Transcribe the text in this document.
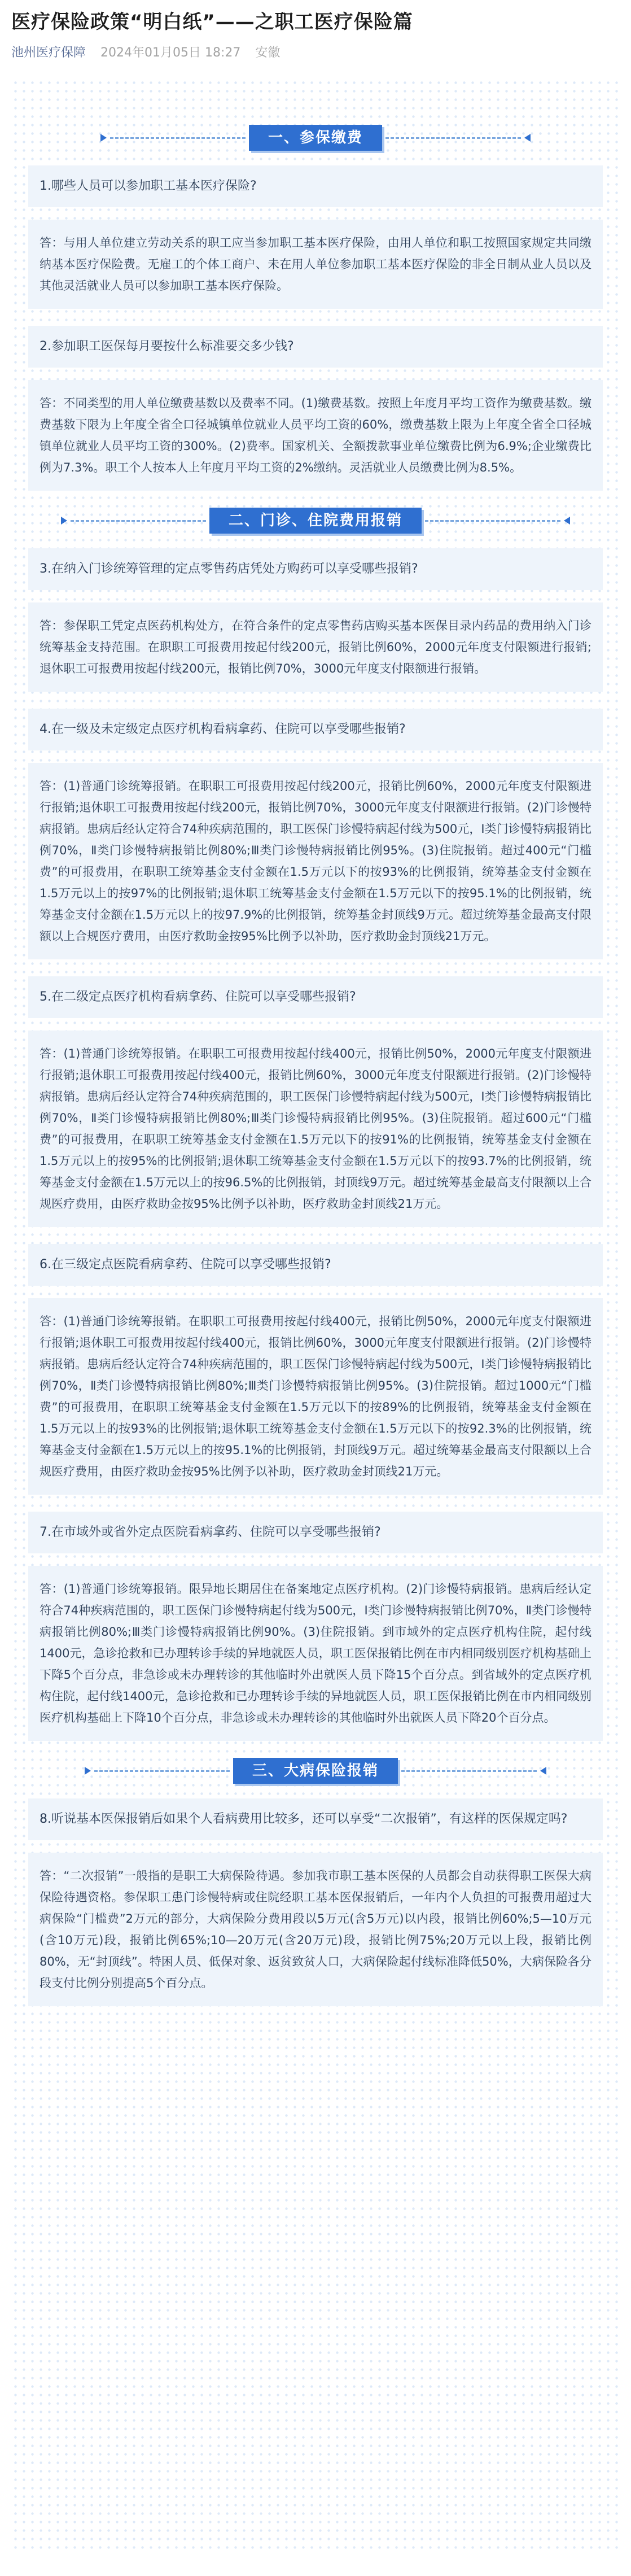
医疗保险政策“明白纸”——之职工医疗保险篇
池州医疗保障 2024年01月05日 18:27 安徽
一、参保缴费
1.哪些人员可以参加职工基本医疗保险?
答：与用人单位建立劳动关系的职工应当参加职工基本医疗保险，由用人单位和职工按照国家规定共同缴纳基本医疗保险费。无雇工的个体工商户、未在用人单位参加职工基本医疗保险的非全日制从业人员以及其他灵活就业人员可以参加职工基本医疗保险。
2.参加职工医保每月要按什么标准要交多少钱?
答：不同类型的用人单位缴费基数以及费率不同。(1)缴费基数。按照上年度月平均工资作为缴费基数。缴费基数下限为上年度全省全口径城镇单位就业人员平均工资的60%，缴费基数上限为上年度全省全口径城镇单位就业人员平均工资的300%。(2)费率。国家机关、全额拨款事业单位缴费比例为6.9%;企业缴费比例为7.3%。职工个人按本人上年度月平均工资的2%缴纳。灵活就业人员缴费比例为8.5%。
二、门诊、住院费用报销
3.在纳入门诊统筹管理的定点零售药店凭处方购药可以享受哪些报销?
答：参保职工凭定点医药机构处方，在符合条件的定点零售药店购买基本医保目录内药品的费用纳入门诊统筹基金支持范围。在职职工可报费用按起付线200元，报销比例60%，2000元年度支付限额进行报销;退休职工可报费用按起付线200元，报销比例70%，3000元年度支付限额进行报销。
4.在一级及未定级定点医疗机构看病拿药、住院可以享受哪些报销?
答：(1)普通门诊统筹报销。在职职工可报费用按起付线200元，报销比例60%，2000元年度支付限额进行报销;退休职工可报费用按起付线200元，报销比例70%，3000元年度支付限额进行报销。(2)门诊慢特病报销。患病后经认定符合74种疾病范围的，职工医保门诊慢特病起付线为500元，Ⅰ类门诊慢特病报销比例70%，Ⅱ类门诊慢特病报销比例80%;Ⅲ类门诊慢特病报销比例95%。(3)住院报销。超过400元“门槛费”的可报费用，在职职工统筹基金支付金额在1.5万元以下的按93%的比例报销，统筹基金支付金额在1.5万元以上的按97%的比例报销;退休职工统筹基金支付金额在1.5万元以下的按95.1%的比例报销，统筹基金支付金额在1.5万元以上的按97.9%的比例报销，统筹基金封顶线9万元。超过统筹基金最高支付限额以上合规医疗费用，由医疗救助金按95%比例予以补助，医疗救助金封顶线21万元。
5.在二级定点医疗机构看病拿药、住院可以享受哪些报销?
答：(1)普通门诊统筹报销。在职职工可报费用按起付线400元，报销比例50%，2000元年度支付限额进行报销;退休职工可报费用按起付线400元，报销比例60%，3000元年度支付限额进行报销。(2)门诊慢特病报销。患病后经认定符合74种疾病范围的，职工医保门诊慢特病起付线为500元，Ⅰ类门诊慢特病报销比例70%，Ⅱ类门诊慢特病报销比例80%;Ⅲ类门诊慢特病报销比例95%。(3)住院报销。超过600元“门槛费”的可报费用，在职职工统筹基金支付金额在1.5万元以下的按91%的比例报销，统筹基金支付金额在1.5万元以上的按95%的比例报销;退休职工统筹基金支付金额在1.5万元以下的按93.7%的比例报销，统筹基金支付金额在1.5万元以上的按96.5%的比例报销，封顶线9万元。超过统筹基金最高支付限额以上合规医疗费用，由医疗救助金按95%比例予以补助，医疗救助金封顶线21万元。
6.在三级定点医院看病拿药、住院可以享受哪些报销?
答：(1)普通门诊统筹报销。在职职工可报费用按起付线400元，报销比例50%，2000元年度支付限额进行报销;退休职工可报费用按起付线400元，报销比例60%，3000元年度支付限额进行报销。(2)门诊慢特病报销。患病后经认定符合74种疾病范围的，职工医保门诊慢特病起付线为500元，Ⅰ类门诊慢特病报销比例70%，Ⅱ类门诊慢特病报销比例80%;Ⅲ类门诊慢特病报销比例95%。(3)住院报销。超过1000元“门槛费”的可报费用，在职职工统筹基金支付金额在1.5万元以下的按89%的比例报销，统筹基金支付金额在1.5万元以上的按93%的比例报销;退休职工统筹基金支付金额在1.5万元以下的按92.3%的比例报销，统筹基金支付金额在1.5万元以上的按95.1%的比例报销，封顶线9万元。超过统筹基金最高支付限额以上合规医疗费用，由医疗救助金按95%比例予以补助，医疗救助金封顶线21万元。
7.在市域外或省外定点医院看病拿药、住院可以享受哪些报销?
答：(1)普通门诊统筹报销。限异地长期居住在备案地定点医疗机构。(2)门诊慢特病报销。患病后经认定符合74种疾病范围的，职工医保门诊慢特病起付线为500元，Ⅰ类门诊慢特病报销比例70%，Ⅱ类门诊慢特病报销比例80%;Ⅲ类门诊慢特病报销比例90%。(3)住院报销。到市域外的定点医疗机构住院，起付线1400元，急诊抢救和已办理转诊手续的异地就医人员，职工医保报销比例在市内相同级别医疗机构基础上下降5个百分点，非急诊或未办理转诊的其他临时外出就医人员下降15个百分点。到省域外的定点医疗机构住院，起付线1400元，急诊抢救和已办理转诊手续的异地就医人员，职工医保报销比例在市内相同级别医疗机构基础上下降10个百分点，非急诊或未办理转诊的其他临时外出就医人员下降20个百分点。
三、大病保险报销
8.听说基本医保报销后如果个人看病费用比较多，还可以享受“二次报销”，有这样的医保规定吗?
答：“二次报销”一般指的是职工大病保险待遇。参加我市职工基本医保的人员都会自动获得职工医保大病保险待遇资格。参保职工患门诊慢特病或住院经职工基本医保报销后，一年内个人负担的可报费用超过大病保险“门槛费”2万元的部分，大病保险分费用段以5万元(含5万元)以内段，报销比例60%;5—10万元(含10万元)段，报销比例65%;10—20万元(含20万元)段，报销比例75%;20万元以上段，报销比例80%，无“封顶线”。特困人员、低保对象、返贫致贫人口，大病保险起付线标准降低50%，大病保险各分段支付比例分别提高5个百分点。
